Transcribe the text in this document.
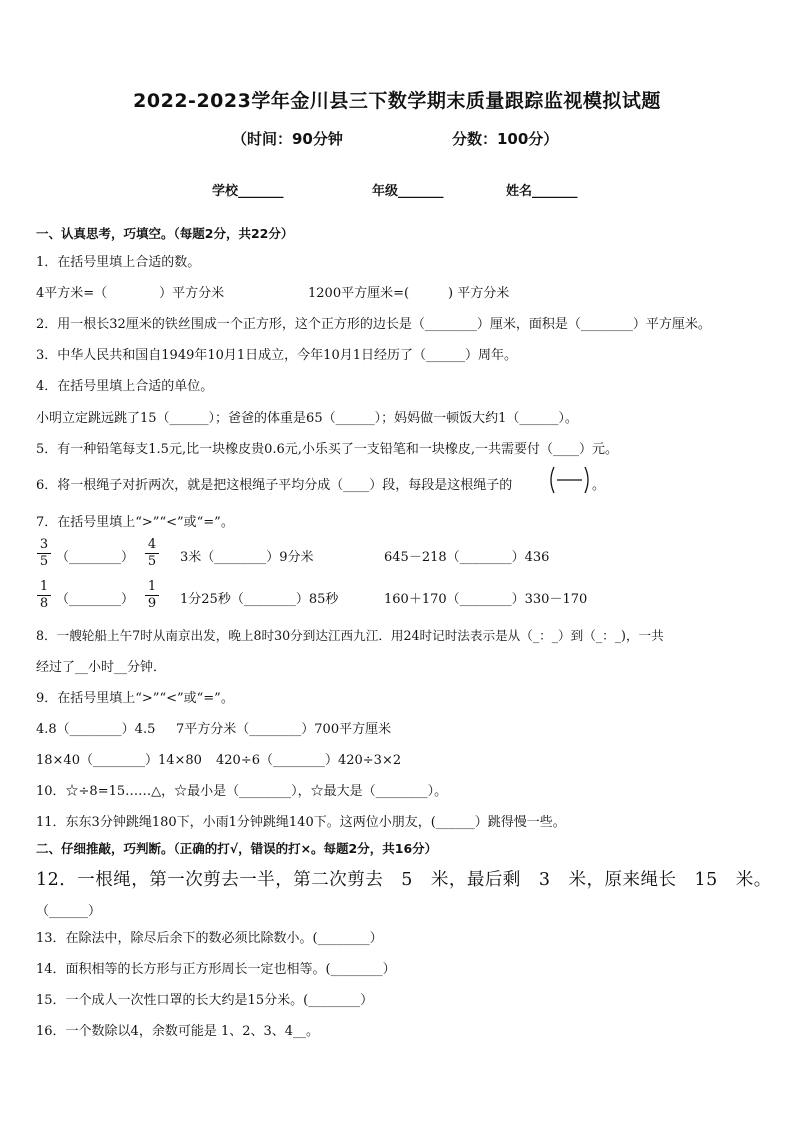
2022-2023学年金川县三下数学期末质量跟踪监视模拟试题
（时间：90分钟	分数：100分）
学校_______	年级_______	姓名_______
一、认真思考，巧填空。（每题2分，共22分）
1．在括号里填上合适的数。
4平方米=（　　　　）平方分米	1200平方厘米=(　　　) 平方分米
2．用一根长32厘米的铁丝围成一个正方形，这个正方形的边长是（________）厘米，面积是（________）平方厘米。
3．中华人民共和国自1949年10月1日成立，今年10月1日经历了（______）周年。
4．在括号里填上合适的单位。
小明立定跳远跳了15（______）；爸爸的体重是65（______）；妈妈做一顿饭大约1（______）。
5．有一种铅笔每支1.5元,比一块橡皮贵0.6元,小乐买了一支铅笔和一块橡皮,一共需要付（____）元。
6．将一根绳子对折两次，就是把这根绳子平均分成（____）段，每段是这根绳子的	。
7．在括号里填上“>”“<”或“=”。
$\frac{3}{5}$ （________） $\frac{4}{5} 3$米（________）9分米	645－218（________）436
$\frac{1}{8}$ （________） $\frac{1}{9} 1$分25秒（________）85秒	160＋170（________）330－170
8．一艘轮船上午7时从南京出发，晚上8时30分到达江西九江．用24时记时法表示是从（_：_）到（_：_)，一共
经过了__小时__分钟．
9．在括号里填上“>”“<”或“=”。
4.8（________）4.5 7平方分米（________）700平方厘米
18×40（________）14×80 420÷6（________）420÷3×2
10．☆÷8=15……△，☆最小是（________），☆最大是（________）。
11．东东3分钟跳绳180下，小雨1分钟跳绳140下。这两位小朋友，(______）跳得慢一些。
二、仔细推敲，巧判断。（正确的打√，错误的打×。每题2分，共16分）
12．一根绳，第一次剪去一半，第二次剪去　5　米，最后剩　3　米，原来绳长　15　米。
（______）
13．在除法中，除尽后余下的数必须比除数小。(________）
14．面积相等的长方形与正方形周长一定也相等。(________）
15．一个成人一次性口罩的长大约是15分米。(________）
16．一个数除以4，余数可能是 1、2、3、4__。
